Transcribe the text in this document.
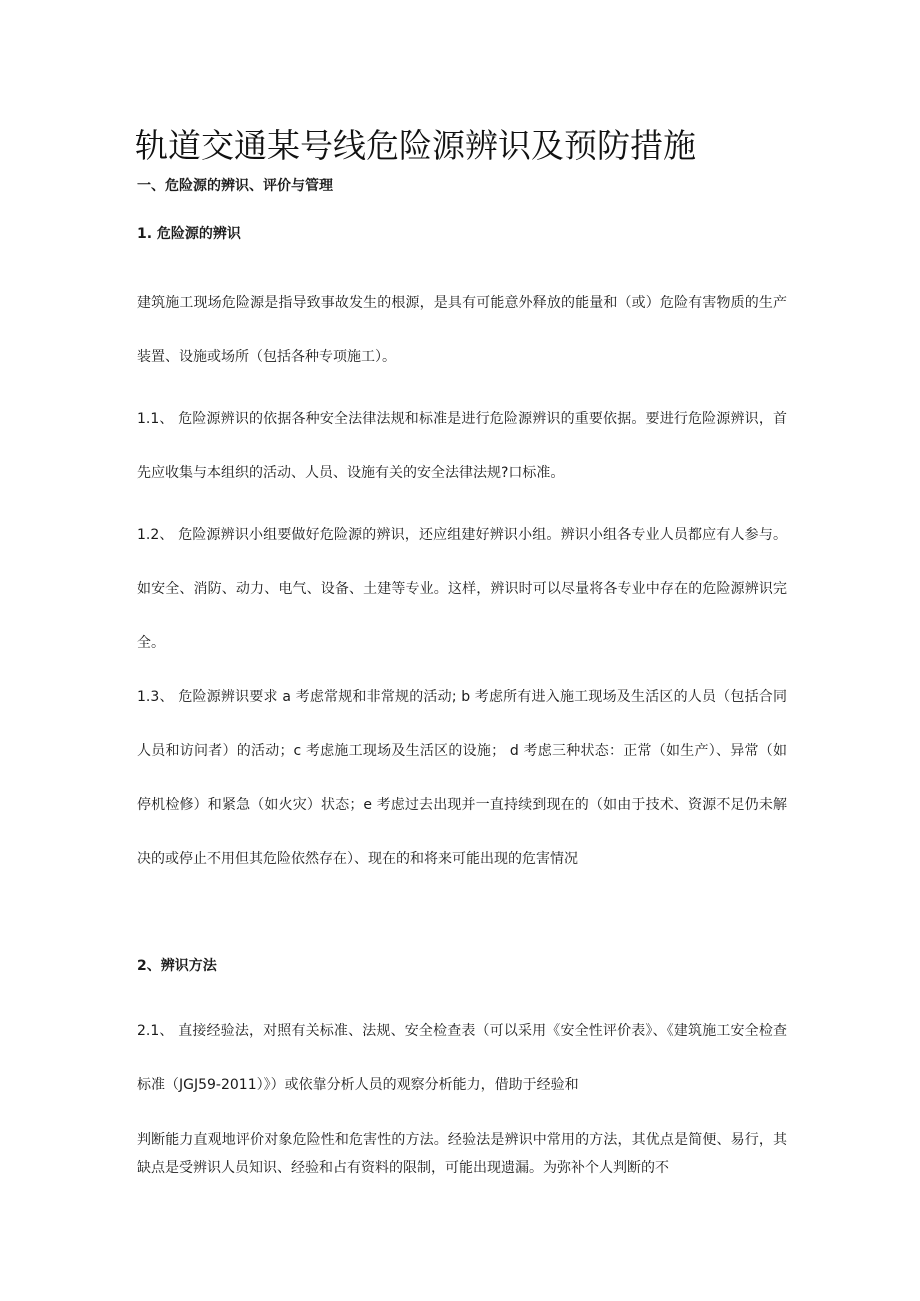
轨道交通某号线危险源辨识及预防措施
一、危险源的辨识、评价与管理
1. 危险源的辨识

建筑施工现场危险源是指导致事故发生的根源，是具有可能意外释放的能量和（或）危险有害物质的生产装置、设施或场所（包括各种专项施工）。

1.1、 危险源辨识的依据各种安全法律法规和标准是进行危险源辨识的重要依据。要进行危险源辨识，首先应收集与本组织的活动、人员、设施有关的安全法律法规?口标准。

1.2、 危险源辨识小组要做好危险源的辨识，还应组建好辨识小组。辨识小组各专业人员都应有人参与。如安全、消防、动力、电气、设备、土建等专业。这样，辨识时可以尽量将各专业中存在的危险源辨识完全。

1.3、 危险源辨识要求 a 考虑常规和非常规的活动; b 考虑所有进入施工现场及生活区的人员（包括合同人员和访问者）的活动；c 考虑施工现场及生活区的设施； d 考虑三种状态：正常（如生产）、异常（如停机检修）和紧急（如火灾）状态；e 考虑过去出现并一直持续到现在的（如由于技术、资源不足仍未解决的或停止不用但其危险依然存在）、现在的和将来可能出现的危害情况

2、辨识方法

2.1、 直接经验法，对照有关标准、法规、安全检查表（可以采用《安全性评价表》、《建筑施工安全检查标准（JGJ59-2011）》）或依靠分析人员的观察分析能力，借助于经验和

判断能力直观地评价对象危险性和危害性的方法。经验法是辨识中常用的方法，其优点是简便、易行，其缺点是受辨识人员知识、经验和占有资料的限制，可能出现遗漏。为弥补个人判断的不
